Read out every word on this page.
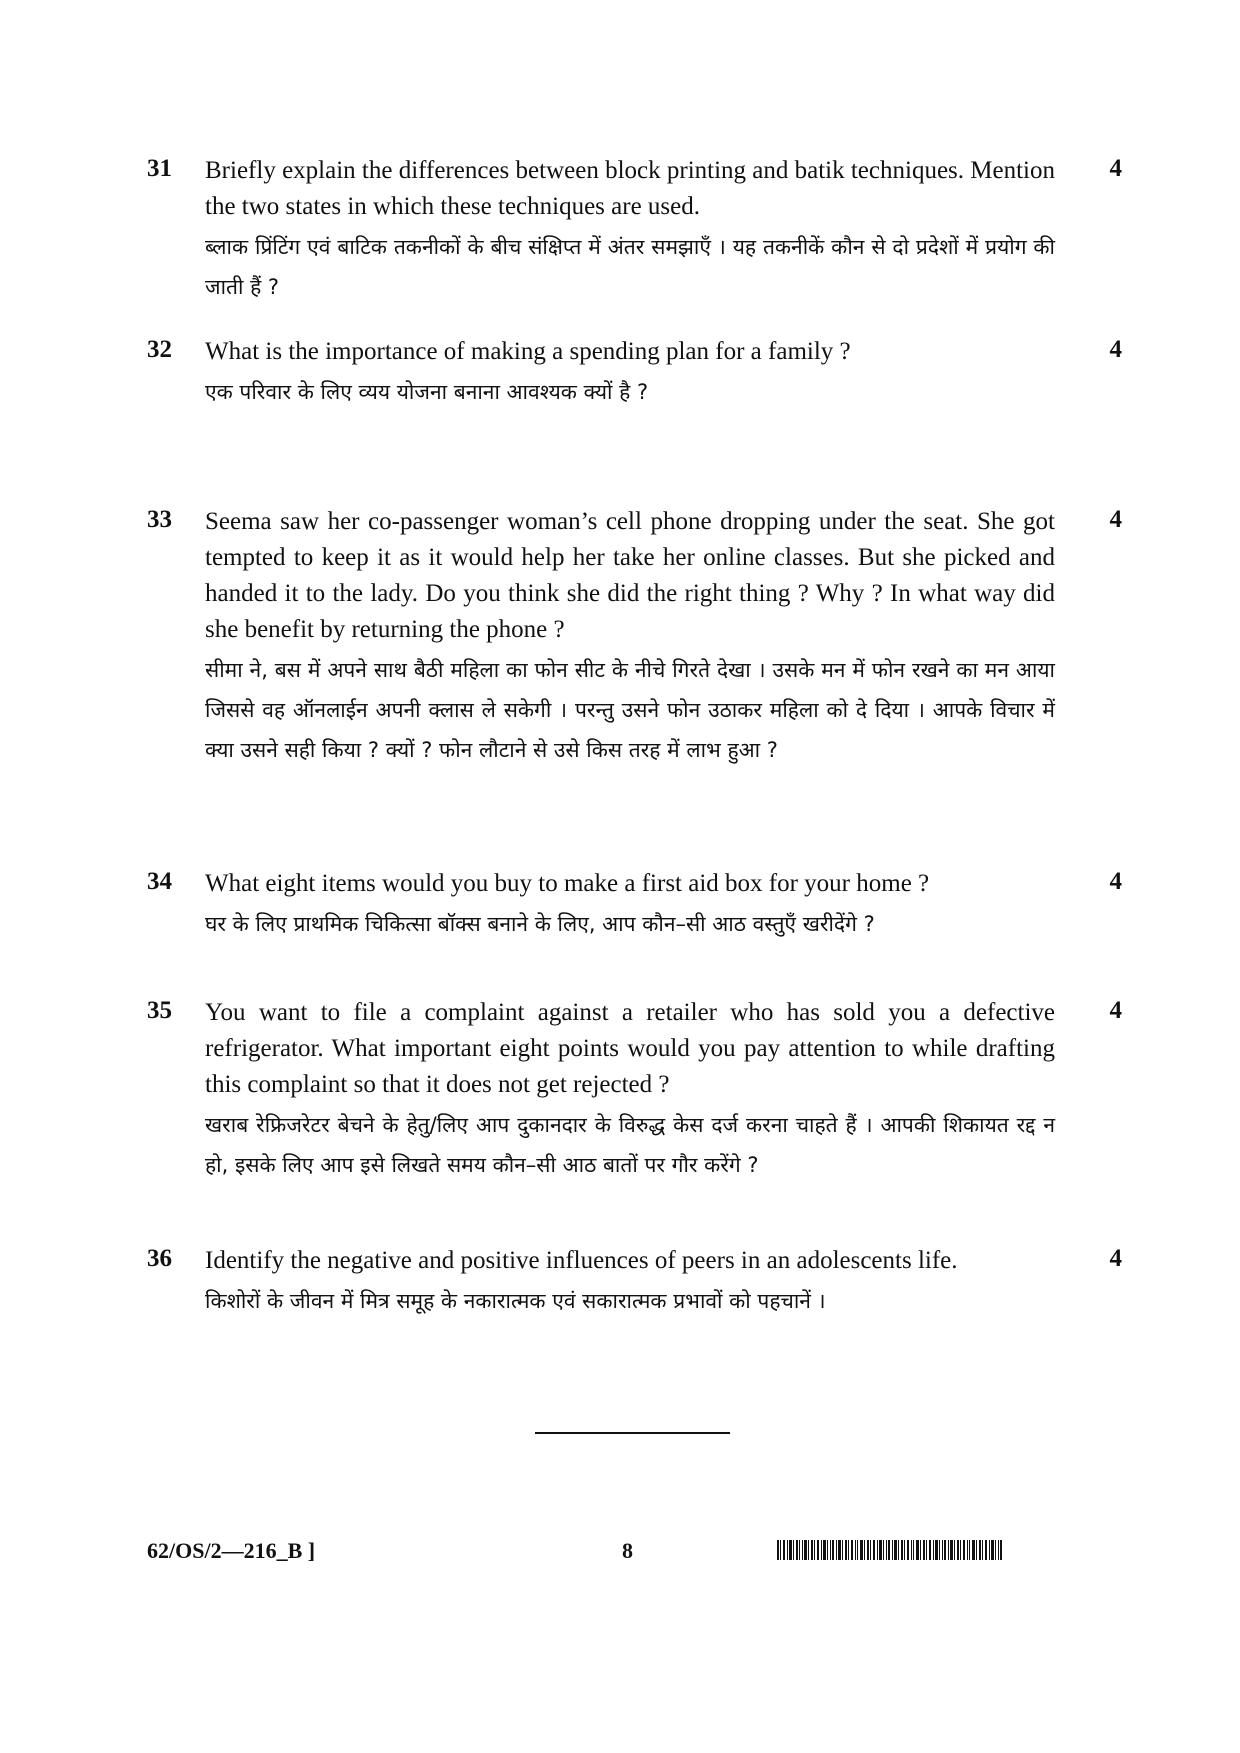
31	Briefly explain the differences between block printing and batik techniques. Mention the two states in which these techniques are used.

ब्लाक प्रिंटिंग एवं बाटिक तकनीकों के बीच संक्षिप्त में अंतर समझाएँ । यह तकनीकें कौन से दो प्रदेशों में प्रयोग की जाती हैं ?

4
32	What is the importance of making a spending plan for a family ?

एक परिवार के लिए व्यय योजना बनाना आवश्यक क्यों है ?

4
33	Seema saw her co-passenger woman’s cell phone dropping under the seat. She got tempted to keep it as it would help her take her online classes. But she picked and handed it to the lady. Do you think she did the right thing ? Why ? In what way did she benefit by returning the phone ?

सीमा ने, बस में अपने साथ बैठी महिला का फोन सीट के नीचे गिरते देखा । उसके मन में फोन रखने का मन आया जिससे वह ऑनलाईन अपनी क्लास ले सकेगी । परन्तु उसने फोन उठाकर महिला को दे दिया । आपके विचार में क्या उसने सही किया ? क्यों ? फोन लौटाने से उसे किस तरह में लाभ हुआ ?

4
34	What eight items would you buy to make a first aid box for your home ?

घर के लिए प्राथमिक चिकित्सा बॉक्स बनाने के लिए, आप कौन–सी आठ वस्तुएँ खरीदेंगे ?

4
35	You want to file a complaint against a retailer who has sold you a defective refrigerator. What important eight points would you pay attention to while drafting this complaint so that it does not get rejected ?

खराब रेफ्रिजरेटर बेचने के हेतु/लिए आप दुकानदार के विरुद्ध केस दर्ज करना चाहते हैं । आपकी शिकायत रद्द न हो, इसके लिए आप इसे लिखते समय कौन–सी आठ बातों पर गौर करेंगे ?

4
36	Identify the negative and positive influences of peers in an adolescents life.

किशोरों के जीवन में मित्र समूह के नकारात्मक एवं सकारात्मक प्रभावों को पहचानें ।

4
62/OS/2—216_B ]	8
